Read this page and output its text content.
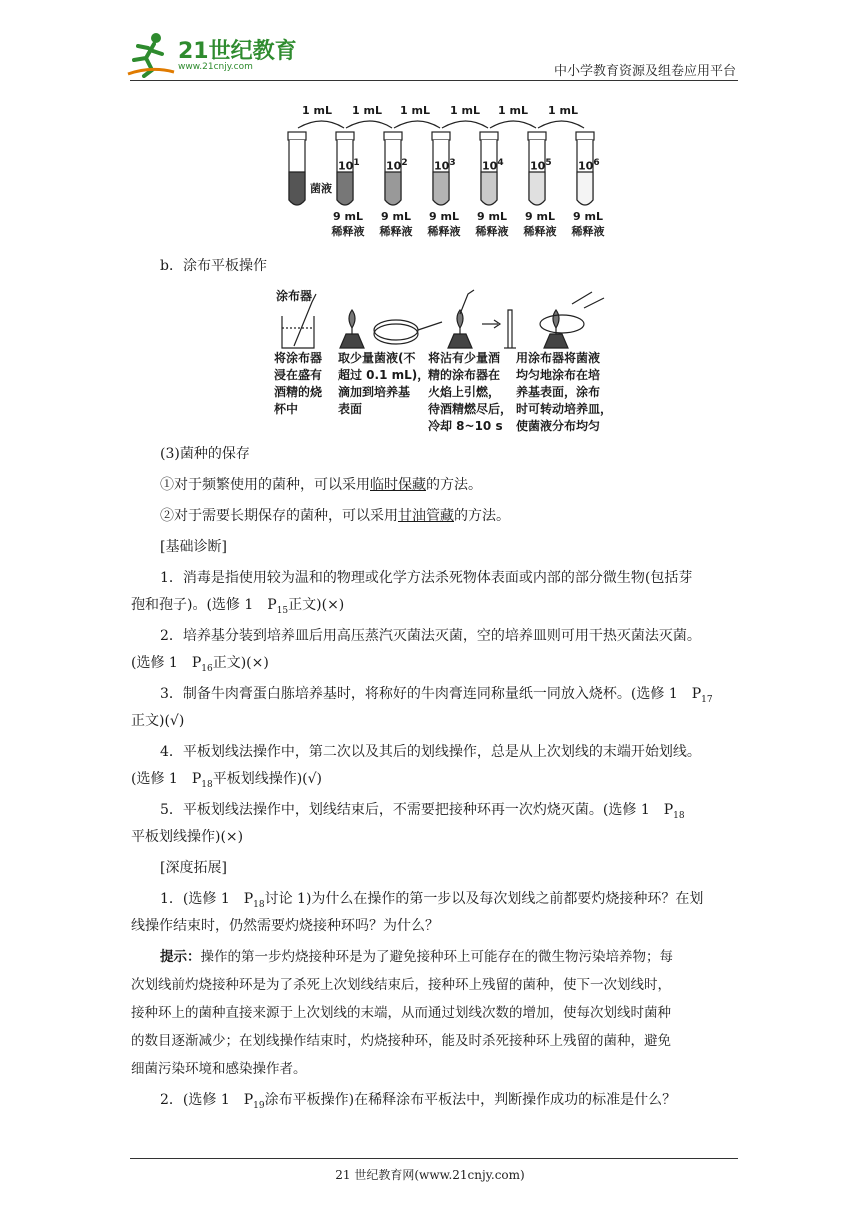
21世纪教育
www.21cnjy.com	中小学教育资源及组卷应用平台
1 mL 1 mL 1 mL 1 mL 1 mL 1 mL
菌液
$10^1$ $10^2$ $10^3$ $10^4$ $10^5$ $10^6$
9 mL
稀释液
9 mL
稀释液
9 mL
稀释液
9 mL
稀释液
9 mL
稀释液
9 mL
稀释液
b．涂布平板操作
涂布器
将涂布器
浸在盛有
酒精的烧
杯中
取少量菌液(不
超过 0.1 mL)，
滴加到培养基
表面
将沾有少量酒
精的涂布器在
火焰上引燃，
待酒精燃尽后，
冷却 8~10 s
用涂布器将菌液
均匀地涂布在培
养基表面，涂布
时可转动培养皿，
使菌液分布均匀
(3)菌种的保存
①对于频繁使用的菌种，可以采用临时保藏的方法。
②对于需要长期保存的菌种，可以采用甘油管藏的方法。
[基础诊断]
1．消毒是指使用较为温和的物理或化学方法杀死物体表面或内部的部分微生物(包括芽
孢和孢子)。(选修 1　$P_{15}$正文)(×)
2．培养基分装到培养皿后用高压蒸汽灭菌法灭菌，空的培养皿则可用干热灭菌法灭菌。
(选修 1　$P_{16}$正文)(×)
3．制备牛肉膏蛋白胨培养基时，将称好的牛肉膏连同称量纸一同放入烧杯。(选修 1　$P_{17}$
正文)(√)
4．平板划线法操作中，第二次以及其后的划线操作，总是从上次划线的末端开始划线。
(选修 1　$P_{18}$平板划线操作)(√)
5．平板划线法操作中，划线结束后，不需要把接种环再一次灼烧灭菌。(选修 1　$P_{18}$
平板划线操作)(×)
[深度拓展]
1．(选修 1　$P_{18}$讨论 1)为什么在操作的第一步以及每次划线之前都要灼烧接种环？在划
线操作结束时，仍然需要灼烧接种环吗？为什么？
提示：操作的第一步灼烧接种环是为了避免接种环上可能存在的微生物污染培养物；每
次划线前灼烧接种环是为了杀死上次划线结束后，接种环上残留的菌种，使下一次划线时，
接种环上的菌种直接来源于上次划线的末端，从而通过划线次数的增加，使每次划线时菌种
的数目逐渐减少；在划线操作结束时，灼烧接种环，能及时杀死接种环上残留的菌种，避免
细菌污染环境和感染操作者。
2．(选修 1　$P_{19}$涂布平板操作)在稀释涂布平板法中，判断操作成功的标准是什么？
21 世纪教育网(www.21cnjy.com)
